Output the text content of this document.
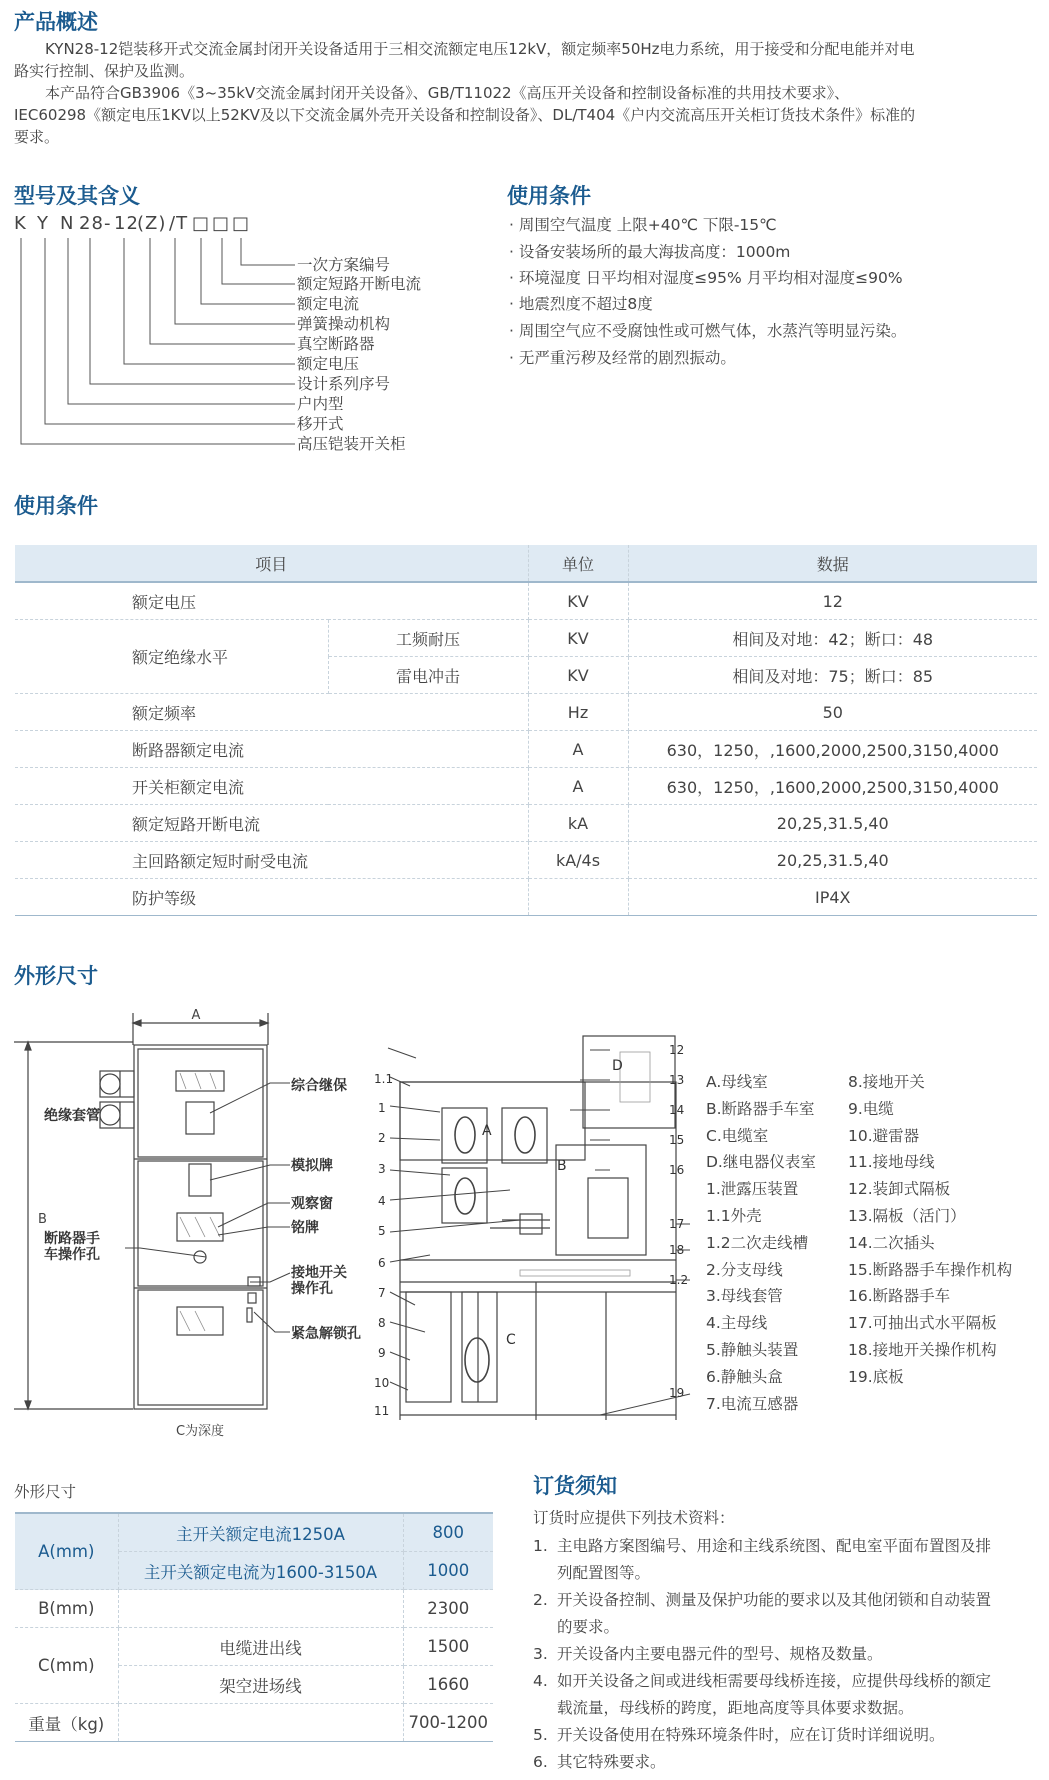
产品概述
KYN28-12铠装移开式交流金属封闭开关设备适用于三相交流额定电压12kV，额定频率50Hz电力系统，用于接受和分配电能并对电
路实行控制、保护及监测。
本产品符合GB3906《3~35kV交流金属封闭开关设备》、GB/T11022《高压开关设备和控制设备标准的共用技术要求》、
IEC60298《额定电压1KV以上52KV及以下交流金属外壳开关设备和控制设备》、DL/T404《户内交流高压开关柜订货技术条件》标准的
要求。
型号及其含义
K Y N 28 - 12
(Z) /T □ □ □
一次方案编号
额定短路开断电流
额定电流
弹簧操动机构
真空断路器
额定电压
设计系列序号
户内型
移开式
高压铠装开关柜
使用条件
· 周围空气温度 上限+40℃ 下限-15℃
· 设备安装场所的最大海拔高度：1000m
· 环境湿度 日平均相对湿度≤95% 月平均相对湿度≤90%
· 地震烈度不超过8度
· 周围空气应不受腐蚀性或可燃气体，水蒸汽等明显污染。
· 无严重污秽及经常的剧烈振动。
使用条件
项目		单位	数据
额定电压		KV	12
额定绝缘水平	工频耐压	KV	相间及对地：42；断口：48
	雷电冲击	KV	相间及对地：75；断口：85
额定频率		Hz	50
断路器额定电流		A	630，1250，,1600,2000,2500,3150,4000
开关柜额定电流		A	630，1250，,1600,2000,2500,3150,4000
额定短路开断电流		kA	20,25,31.5,40
主回路额定短时耐受电流		kA/4s	20,25,31.5,40
防护等级			IP4X
外形尺寸
A
B
C为深度
绝缘套管
综合继保
模拟牌
观察窗
铭牌
断路器手
车操作孔
接地开关
操作孔
紧急解锁孔
1.1
1
2
3
4
5
6
7
8
9
10
11
12
13
14
15
16
17
18
1.2
19
A
B
C
D
A.母线室
B.断路器手车室
C.电缆室
D.继电器仪表室
1.泄露压装置
1.1外壳
1.2二次走线槽
2.分支母线
3.母线套管
4.主母线
5.静触头装置
6.静触头盒
7.电流互感器
8.接地开关
9.电缆
10.避雷器
11.接地母线
12.装卸式隔板
13.隔板（活门）
14.二次插头
15.断路器手车操作机构
16.断路器手车
17.可抽出式水平隔板
18.接地开关操作机构
19.底板
外形尺寸
A(mm)	主开关额定电流1250A	800
	主开关额定电流为1600-3150A	1000
B(mm)		2300
C(mm)	电缆进出线	1500
	架空进场线	1660
重量（kg)		700-1200
订货须知
订货时应提供下列技术资料：
1. 主电路方案图编号、用途和主线系统图、配电室平面布置图及排
列配置图等。
2. 开关设备控制、测量及保护功能的要求以及其他闭锁和自动装置
的要求。
3. 开关设备内主要电器元件的型号、规格及数量。
4. 如开关设备之间或进线柜需要母线桥连接，应提供母线桥的额定
载流量，母线桥的跨度，距地高度等具体要求数据。
5. 开关设备使用在特殊环境条件时，应在订货时详细说明。
6. 其它特殊要求。
